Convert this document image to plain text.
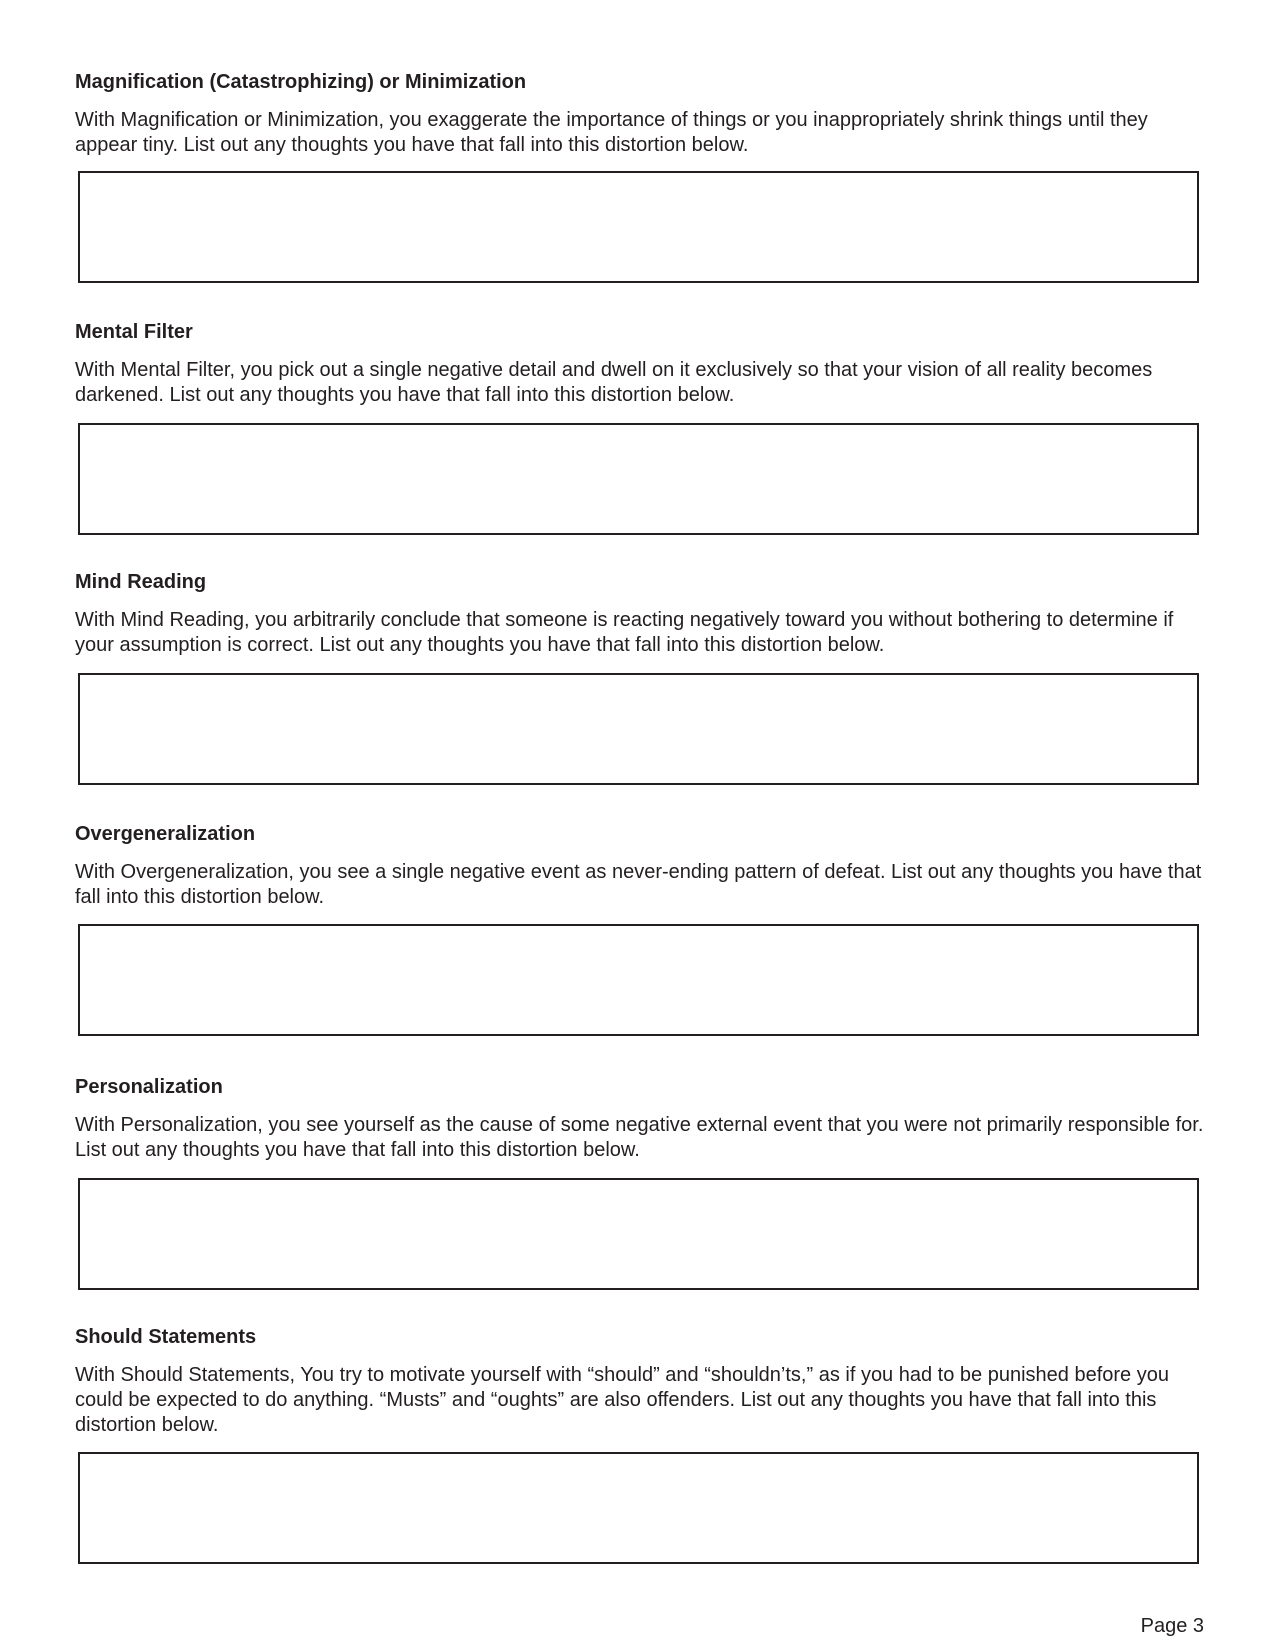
Magnification (Catastrophizing) or Minimization
With Magnification or Minimization, you exaggerate the importance of things or you inappropriately shrink things until they appear tiny. List out any thoughts you have that fall into this distortion below.
Mental Filter
With Mental Filter, you pick out a single negative detail and dwell on it exclusively so that your vision of all reality becomes darkened. List out any thoughts you have that fall into this distortion below.
Mind Reading
With Mind Reading, you arbitrarily conclude that someone is reacting negatively toward you without bothering to determine if your assumption is correct. List out any thoughts you have that fall into this distortion below.
Overgeneralization
With Overgeneralization, you see a single negative event as never-ending pattern of defeat. List out any thoughts you have that fall into this distortion below.
Personalization
With Personalization, you see yourself as the cause of some negative external event that you were not primarily responsible for. List out any thoughts you have that fall into this distortion below.
Should Statements
With Should Statements, You try to motivate yourself with “should” and “shouldn’ts,” as if you had to be punished before you could be expected to do anything. “Musts” and “oughts” are also offenders. List out any thoughts you have that fall into this distortion below.
Page 3
